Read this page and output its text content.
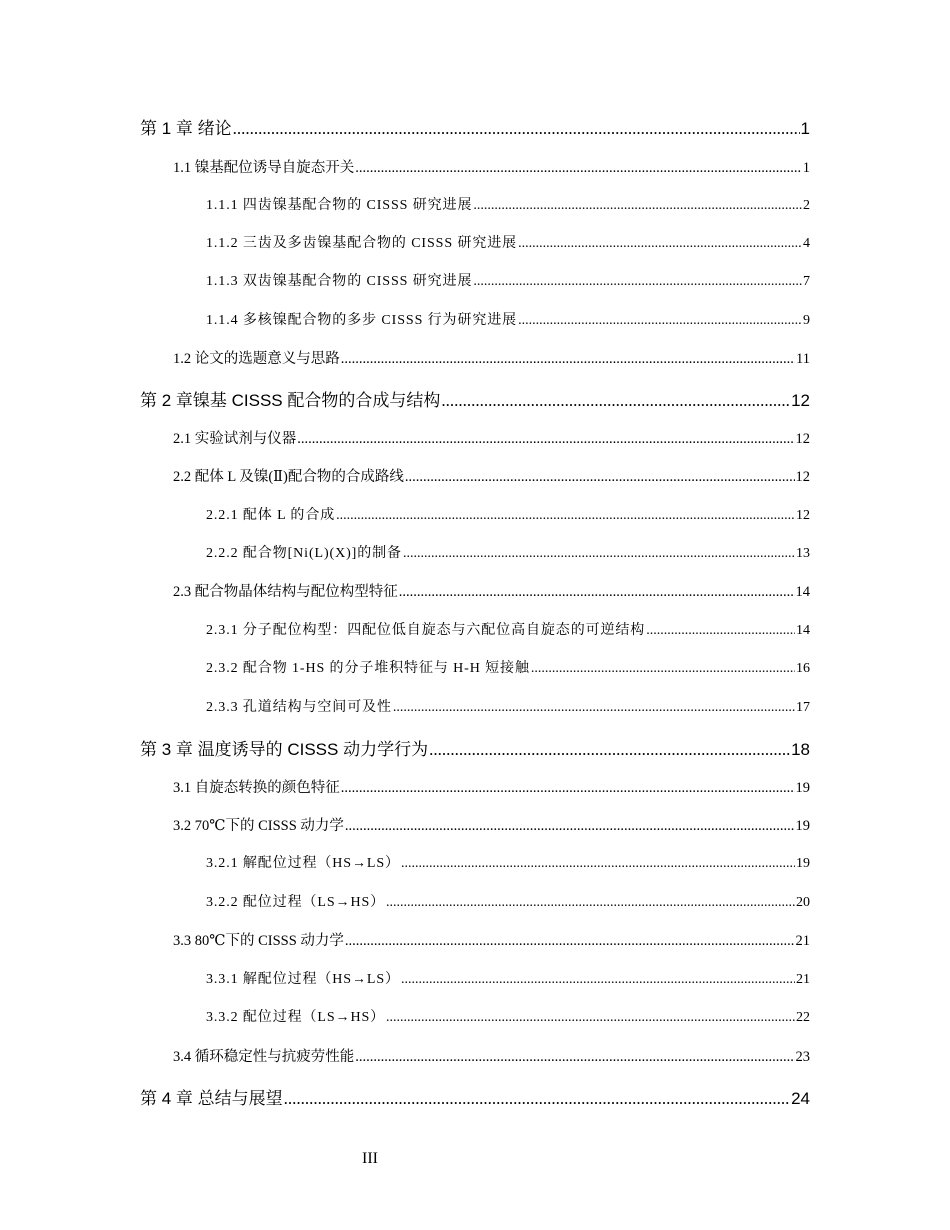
第 1 章 绪论 .....	1
1.1 镍基配位诱导自旋态开关 .....	1
1.1.1 四齿镍基配合物的 CISSS 研究进展 .....	2
1.1.2 三齿及多齿镍基配合物的 CISSS 研究进展 .....	4
1.1.3 双齿镍基配合物的 CISSS 研究进展 .....	7
1.1.4 多核镍配合物的多步 CISSS 行为研究进展 .....	9
1.2 论文的选题意义与思路 .....	11
第 2 章镍基 CISSS 配合物的合成与结构 .....	12
2.1 实验试剂与仪器 .....	12
2.2 配体 L 及镍(Ⅱ)配合物的合成路线 .....	12
2.2.1 配体 L 的合成 .....	12
2.2.2 配合物[Ni(L)(X)]的制备 .....	13
2.3 配合物晶体结构与配位构型特征 .....	14
2.3.1 分子配位构型：四配位低自旋态与六配位高自旋态的可逆结构 .....	14
2.3.2 配合物 1-HS 的分子堆积特征与 H-H 短接触 .....	16
2.3.3 孔道结构与空间可及性 .....	17
第 3 章 温度诱导的 CISSS 动力学行为 .....	18
3.1 自旋态转换的颜色特征 .....	19
3.2 70℃下的 CISSS 动力学 .....	19
3.2.1 解配位过程（HS→LS） .....	19
3.2.2 配位过程（LS→HS） .....	20
3.3 80℃下的 CISSS 动力学 .....	21
3.3.1 解配位过程（HS→LS） .....	21
3.3.2 配位过程（LS→HS） .....	22
3.4 循环稳定性与抗疲劳性能 .....	23
第 4 章 总结与展望 .....	24
III
